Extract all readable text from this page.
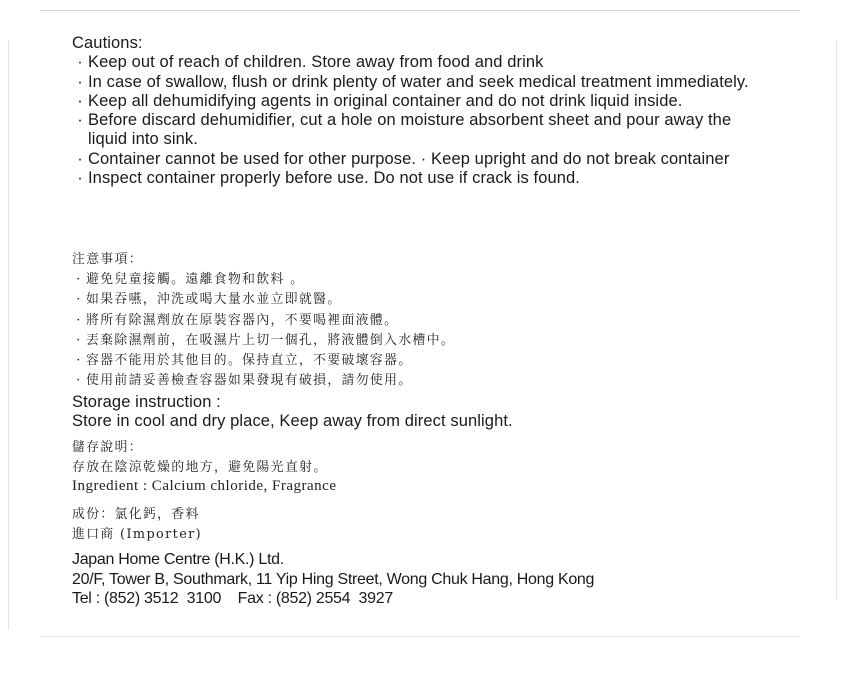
Cautions:
· Keep out of reach of children. Store away from food and drink
· In case of swallow, flush or drink plenty of water and seek medical treatment immediately.
· Keep all dehumidifying agents in original container and do not drink liquid inside.
· Before discard dehumidifier, cut a hole on moisture absorbent sheet and pour away the liquid into sink.
· Container cannot be used for other purpose. · Keep upright and do not break container
· Inspect container properly before use. Do not use if crack is found.
注意事項：
· 避免兒童接觸。遠離食物和飲料 。
· 如果吞嚥，沖洗或喝大量水並立即就醫。
· 將所有除濕劑放在原裝容器內，不要喝裡面液體。
· 丟棄除濕劑前，在吸濕片上切一個孔，將液體倒入水槽中。
· 容器不能用於其他目的。保持直立，不要破壞容器。
· 使用前請妥善檢查容器如果發現有破損，請勿使用。
Storage instruction :
Store in cool and dry place, Keep away from direct sunlight.
儲存說明：
存放在陰涼乾燥的地方，避免陽光直射。
Ingredient : Calcium chloride, Fragrance
成份：氯化鈣，香料
進口商 (Importer)
Japan Home Centre (H.K.) Ltd.
20/F, Tower B, Southmark, 11 Yip Hing Street, Wong Chuk Hang, Hong Kong
Tel : (852) 3512  3100    Fax : (852) 2554  3927
